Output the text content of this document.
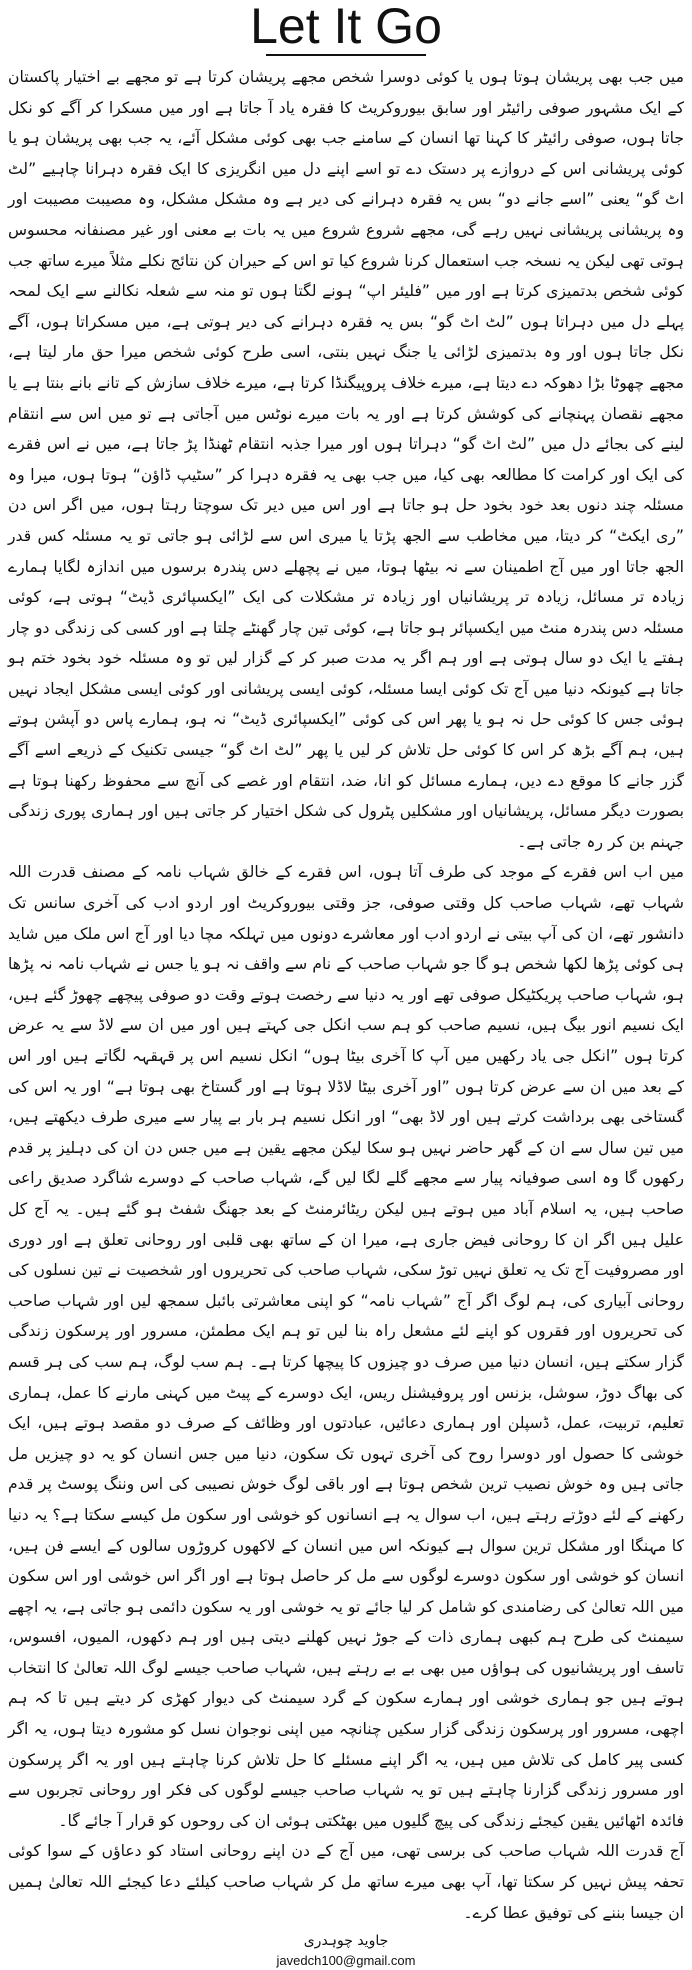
Let It Go

میں جب بھی پریشان ہوتا ہوں یا کوئی دوسرا شخص مجھے پریشان کرتا ہے تو مجھے بے اختیار پاکستان کے ایک مشہور صوفی رائیٹر اور سابق بیوروکریٹ کا فقرہ یاد آ جاتا ہے اور میں مسکرا کر آگے کو نکل جاتا ہوں، صوفی رائیٹر کا کہنا تھا انسان کے سامنے جب بھی کوئی مشکل آئے، یہ جب بھی پریشان ہو یا کوئی پریشانی اس کے دروازے پر دستک دے تو اسے اپنے دل میں انگریزی کا ایک فقرہ دہرانا چاہیے ”لٹ اٹ گو“ یعنی ”اسے جانے دو“ بس یہ فقرہ دہرانے کی دیر ہے وہ مشکل مشکل، وہ مصیبت مصیبت اور وہ پریشانی پریشانی نہیں رہے گی، مجھے شروع شروع میں یہ بات بے معنی اور غیر مصنفانہ محسوس ہوتی تھی لیکن یہ نسخہ جب استعمال کرنا شروع کیا تو اس کے حیران کن نتائج نکلے مثلاً میرے ساتھ جب کوئی شخص بدتمیزی کرتا ہے اور میں ”فلیئر اپ“ ہونے لگتا ہوں تو منہ سے شعلہ نکالنے سے ایک لمحہ پہلے دل میں دہراتا ہوں ”لٹ اٹ گو“ بس یہ فقرہ دہرانے کی دیر ہوتی ہے، میں مسکراتا ہوں، آگے نکل جاتا ہوں اور وہ بدتمیزی لڑائی یا جنگ نہیں بنتی، اسی طرح کوئی شخص میرا حق مار لیتا ہے، مجھے چھوٹا بڑا دھوکہ دے دیتا ہے، میرے خلاف پروپیگنڈا کرتا ہے، میرے خلاف سازش کے تانے بانے بنتا ہے یا مجھے نقصان پہنچانے کی کوشش کرتا ہے اور یہ بات میرے نوٹس میں آجاتی ہے تو میں اس سے انتقام لینے کی بجائے دل میں ”لٹ اٹ گو“ دہراتا ہوں اور میرا جذبہ انتقام ٹھنڈا پڑ جاتا ہے، میں نے اس فقرے کی ایک اور کرامت کا مطالعہ بھی کیا، میں جب بھی یہ فقرہ دہرا کر ”سٹیپ ڈاؤن“ ہوتا ہوں، میرا وہ مسئلہ چند دنوں بعد خود بخود حل ہو جاتا ہے اور اس میں دیر تک سوچتا رہتا ہوں، میں اگر اس دن ”ری ایکٹ“ کر دیتا، میں مخاطب سے الجھ پڑتا یا میری اس سے لڑائی ہو جاتی تو یہ مسئلہ کس قدر الجھ جاتا اور میں آج اطمینان سے نہ بیٹھا ہوتا، میں نے پچھلے دس پندرہ برسوں میں اندازہ لگایا ہمارے زیادہ تر مسائل، زیادہ تر پریشانیاں اور زیادہ تر مشکلات کی ایک ”ایکسپائری ڈیٹ“ ہوتی ہے، کوئی مسئلہ دس پندرہ منٹ میں ایکسپائر ہو جاتا ہے، کوئی تین چار گھنٹے چلتا ہے اور کسی کی زندگی دو چار ہفتے یا ایک دو سال ہوتی ہے اور ہم اگر یہ مدت صبر کر کے گزار لیں تو وہ مسئلہ خود بخود ختم ہو جاتا ہے کیونکہ دنیا میں آج تک کوئی ایسا مسئلہ، کوئی ایسی پریشانی اور کوئی ایسی مشکل ایجاد نہیں ہوئی جس کا کوئی حل نہ ہو یا پھر اس کی کوئی ”ایکسپائری ڈیٹ“ نہ ہو، ہمارے پاس دو آپشن ہوتے ہیں، ہم آگے بڑھ کر اس کا کوئی حل تلاش کر لیں یا پھر ”لٹ اٹ گو“ جیسی تکنیک کے ذریعے اسے آگے گزر جانے کا موقع دے دیں، ہمارے مسائل کو انا، ضد، انتقام اور غصے کی آنچ سے محفوظ رکھنا ہوتا ہے بصورت دیگر مسائل، پریشانیاں اور مشکلیں پٹرول کی شکل اختیار کر جاتی ہیں اور ہماری پوری زندگی جہنم بن کر رہ جاتی ہے۔

میں اب اس فقرے کے موجد کی طرف آتا ہوں، اس فقرے کے خالق شہاب نامہ کے مصنف قدرت اللہ شہاب تھے، شہاب صاحب کل وقتی صوفی، جز وقتی بیوروکریٹ اور اردو ادب کی آخری سانس تک دانشور تھے، ان کی آپ بیتی نے اردو ادب اور معاشرے دونوں میں تہلکہ مچا دیا اور آج اس ملک میں شاید ہی کوئی پڑھا لکھا شخص ہو گا جو شہاب صاحب کے نام سے واقف نہ ہو یا جس نے شہاب نامہ نہ پڑھا ہو، شہاب صاحب پریکٹیکل صوفی تھے اور یہ دنیا سے رخصت ہوتے وقت دو صوفی پیچھے چھوڑ گئے ہیں، ایک نسیم انور بیگ ہیں، نسیم صاحب کو ہم سب انکل جی کہتے ہیں اور میں ان سے لاڈ سے یہ عرض کرتا ہوں ”انکل جی یاد رکھیں میں آپ کا آخری بیٹا ہوں“ انکل نسیم اس پر قہقہہ لگاتے ہیں اور اس کے بعد میں ان سے عرض کرتا ہوں ”اور آخری بیٹا لاڈلا ہوتا ہے اور گستاخ بھی ہوتا ہے“ اور یہ اس کی گستاخی بھی برداشت کرتے ہیں اور لاڈ بھی“ اور انکل نسیم ہر بار بے پیار سے میری طرف دیکھتے ہیں، میں تین سال سے ان کے گھر حاضر نہیں ہو سکا لیکن مجھے یقین ہے میں جس دن ان کی دہلیز پر قدم رکھوں گا وہ اسی صوفیانہ پیار سے مجھے گلے لگا لیں گے، شہاب صاحب کے دوسرے شاگرد صدیق راعی صاحب ہیں، یہ اسلام آباد میں ہوتے ہیں لیکن ریٹائرمنٹ کے بعد جھنگ شفٹ ہو گئے ہیں۔ یہ آج کل علیل ہیں اگر ان کا روحانی فیض جاری ہے، میرا ان کے ساتھ بھی قلبی اور روحانی تعلق ہے اور دوری اور مصروفیت آج تک یہ تعلق نہیں توڑ سکی، شہاب صاحب کی تحریروں اور شخصیت نے تین نسلوں کی روحانی آبیاری کی، ہم لوگ اگر آج ”شہاب نامہ“ کو اپنی معاشرتی بائبل سمجھ لیں اور شہاب صاحب کی تحریروں اور فقروں کو اپنے لئے مشعل راہ بنا لیں تو ہم ایک مطمئن، مسرور اور پرسکون زندگی گزار سکتے ہیں، انسان دنیا میں صرف دو چیزوں کا پیچھا کرتا ہے۔ ہم سب لوگ، ہم سب کی ہر قسم کی بھاگ دوڑ، سوشل، بزنس اور پروفیشنل ریس، ایک دوسرے کے پیٹ میں کہنی مارنے کا عمل، ہماری تعلیم، تربیت، عمل، ڈسپلن اور ہماری دعائیں، عبادتوں اور وظائف کے صرف دو مقصد ہوتے ہیں، ایک خوشی کا حصول اور دوسرا روح کی آخری تہوں تک سکون، دنیا میں جس انسان کو یہ دو چیزیں مل جاتی ہیں وہ خوش نصیب ترین شخص ہوتا ہے اور باقی لوگ خوش نصیبی کی اس وننگ پوسٹ پر قدم رکھنے کے لئے دوڑتے رہتے ہیں، اب سوال یہ ہے انسانوں کو خوشی اور سکون مل کیسے سکتا ہے؟ یہ دنیا کا مہنگا اور مشکل ترین سوال ہے کیونکہ اس میں انسان کے لاکھوں کروڑوں سالوں کے ایسے فن ہیں، انسان کو خوشی اور سکون دوسرے لوگوں سے مل کر حاصل ہوتا ہے اور اگر اس خوشی اور اس سکون میں اللہ تعالیٰ کی رضامندی کو شامل کر لیا جائے تو یہ خوشی اور یہ سکون دائمی ہو جاتی ہے، یہ اچھے سیمنٹ کی طرح ہم کبھی ہماری ذات کے جوڑ نہیں کھلنے دیتی ہیں اور ہم دکھوں، المیوں، افسوس، تاسف اور پریشانیوں کی ہواؤں میں بھی بے بے رہتے ہیں، شہاب صاحب جیسے لوگ اللہ تعالیٰ کا انتخاب ہوتے ہیں جو ہماری خوشی اور ہمارے سکون کے گرد سیمنٹ کی دیوار کھڑی کر دیتے ہیں تا کہ ہم اچھی، مسرور اور پرسکون زندگی گزار سکیں چنانچہ میں اپنی نوجوان نسل کو مشورہ دیتا ہوں، یہ اگر کسی پیر کامل کی تلاش میں ہیں، یہ اگر اپنے مسئلے کا حل تلاش کرنا چاہتے ہیں اور یہ اگر پرسکون اور مسرور زندگی گزارنا چاہتے ہیں تو یہ شہاب صاحب جیسے لوگوں کی فکر اور روحانی تجربوں سے فائدہ اٹھائیں یقین کیجئے زندگی کی پیچ گلیوں میں بھٹکتی ہوئی ان کی روحوں کو قرار آ جائے گا۔

آج قدرت اللہ شہاب صاحب کی برسی تھی، میں آج کے دن اپنے روحانی استاد کو دعاؤں کے سوا کوئی تحفہ پیش نہیں کر سکتا تھا، آپ بھی میرے ساتھ مل کر شہاب صاحب کیلئے دعا کیجئے اللہ تعالیٰ ہمیں ان جیسا بننے کی توفیق عطا کرے۔

جاوید چوہدری
javedch100@gmail.com
